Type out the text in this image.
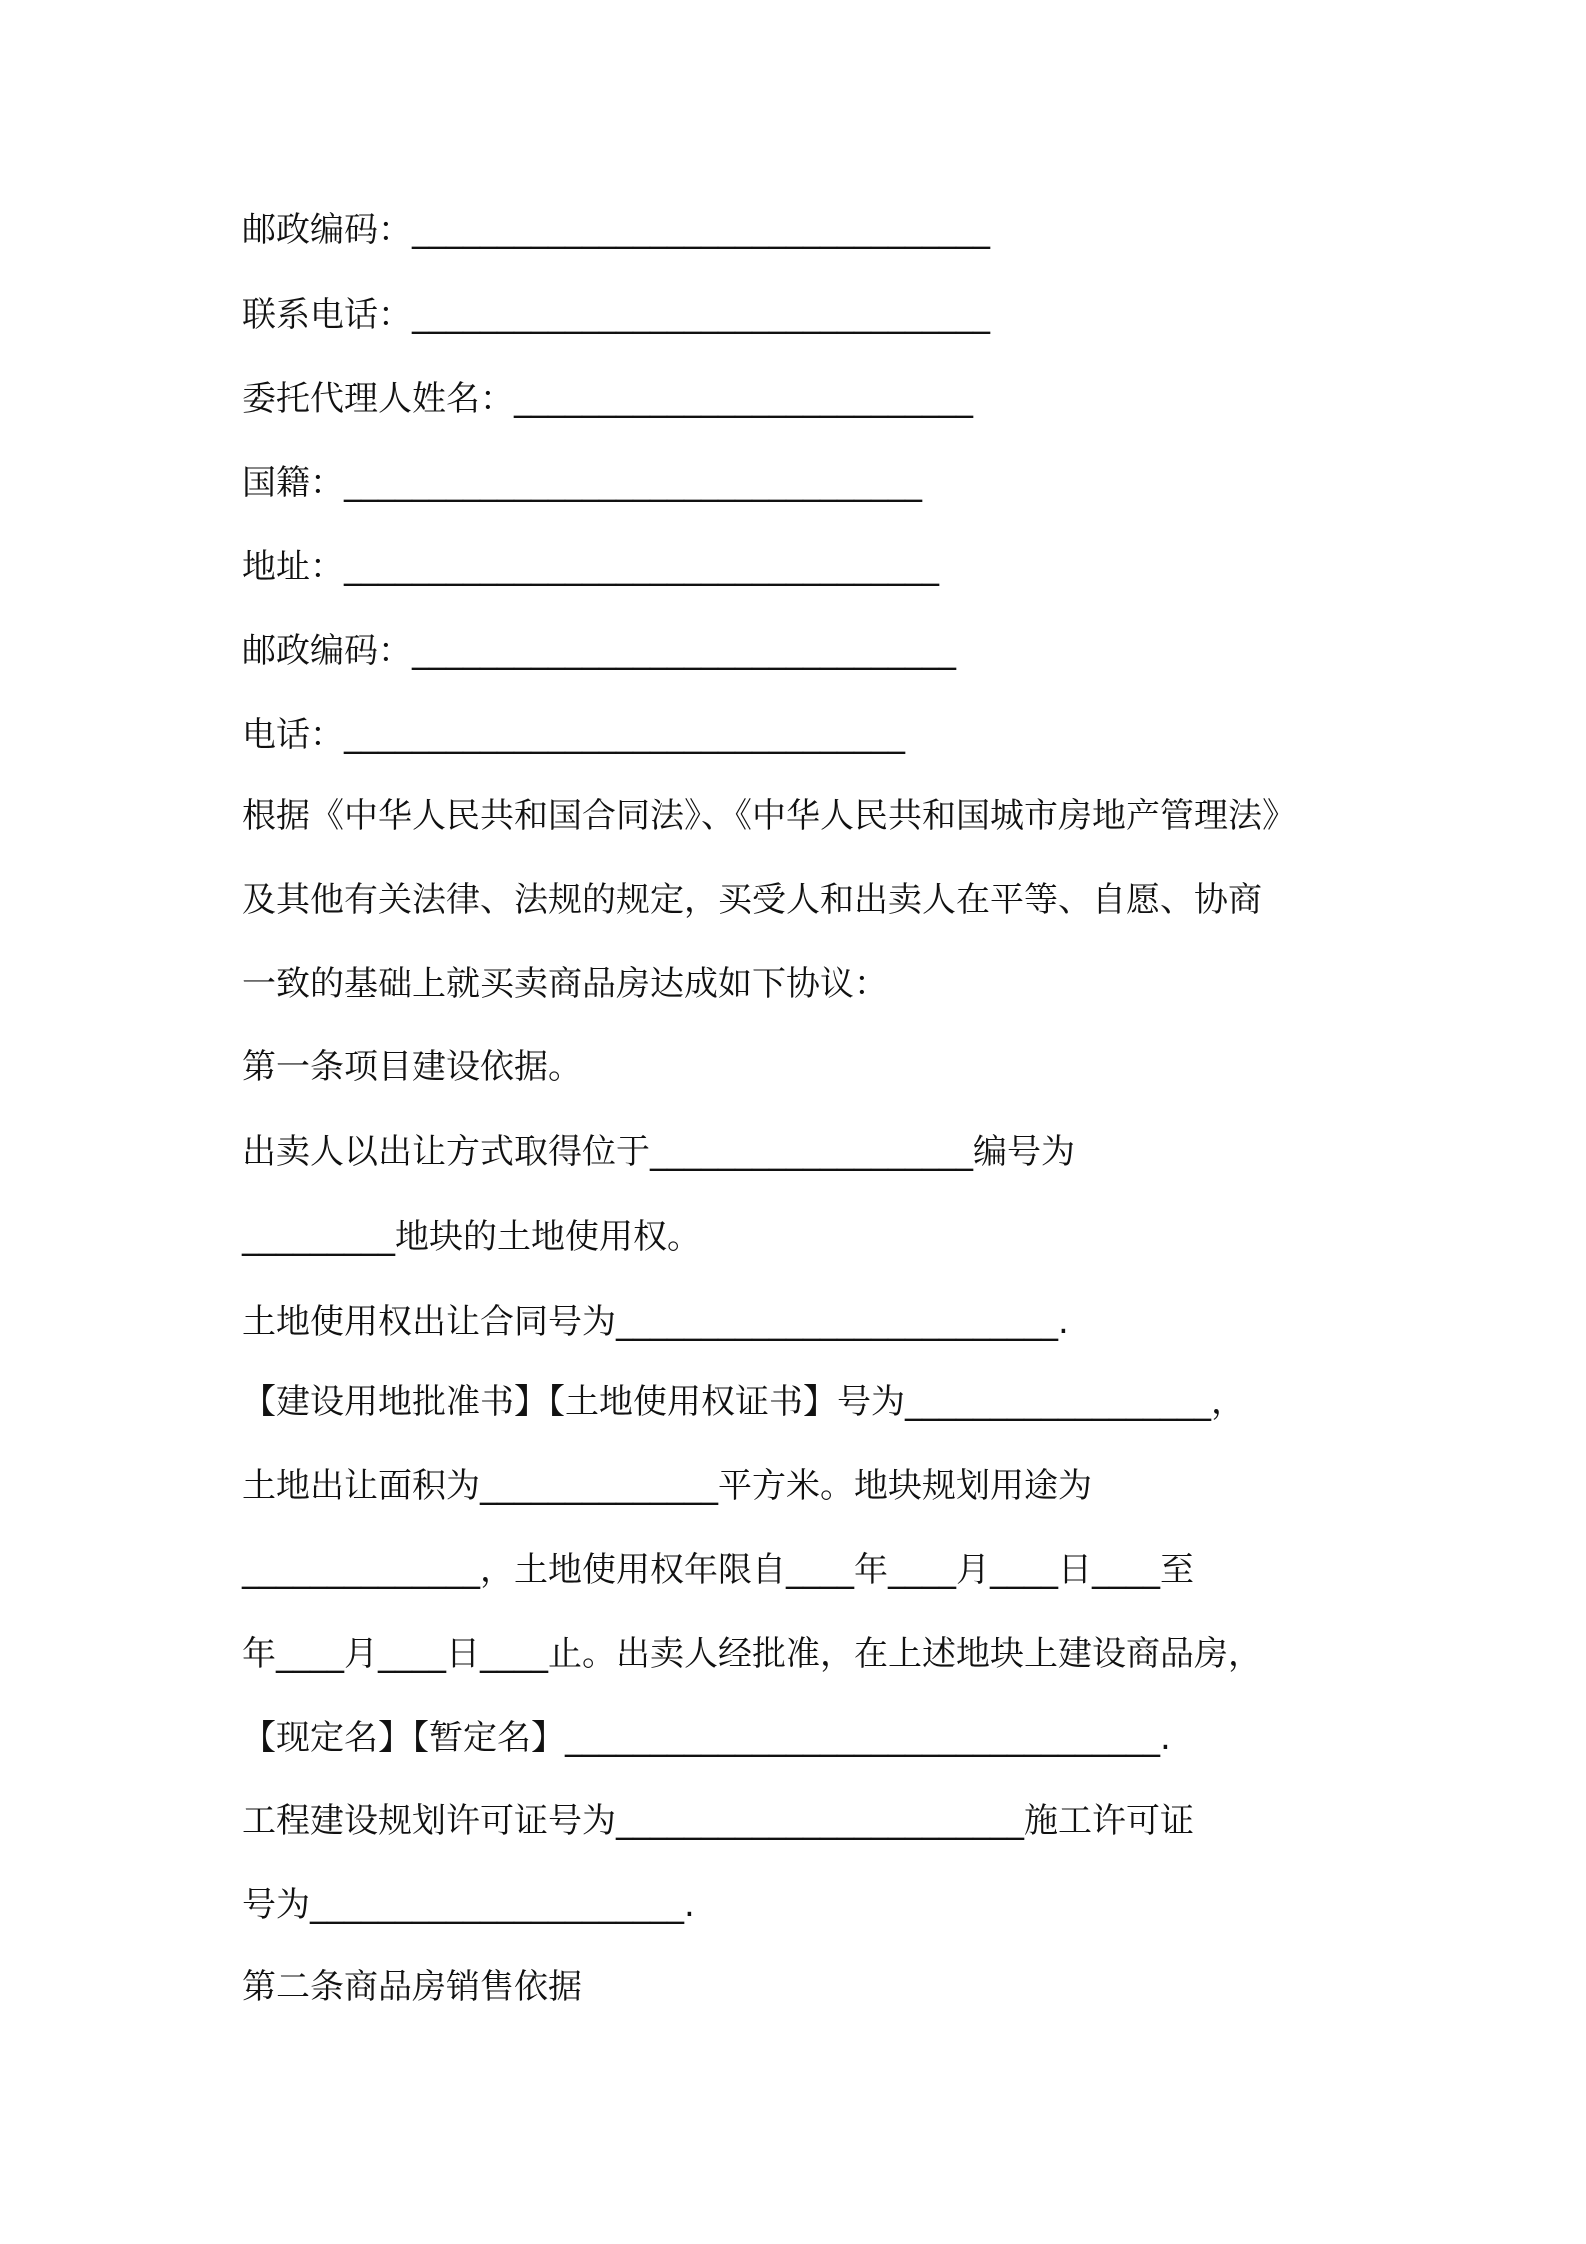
邮政编码：__________________________________
联系电话：__________________________________
委托代理人姓名：___________________________
国籍：__________________________________
地址：___________________________________
邮政编码：________________________________
电话：_________________________________
根据《中华人民共和国合同法》、《中华人民共和国城市房地产管理法》
及其他有关法律、法规的规定，买受人和出卖人在平等、自愿、协商
一致的基础上就买卖商品房达成如下协议：
第一条项目建设依据。
出卖人以出让方式取得位于___________________编号为
_________地块的土地使用权。
土地使用权出让合同号为__________________________.
【建设用地批准书】【土地使用权证书】号为__________________，
土地出让面积为______________平方米。地块规划用途为
______________，土地使用权年限自____年____月____日____至
年____月____日____止。出卖人经批准，在上述地块上建设商品房，
【现定名】【暂定名】___________________________________.
工程建设规划许可证号为________________________施工许可证
号为______________________.
第二条商品房销售依据
